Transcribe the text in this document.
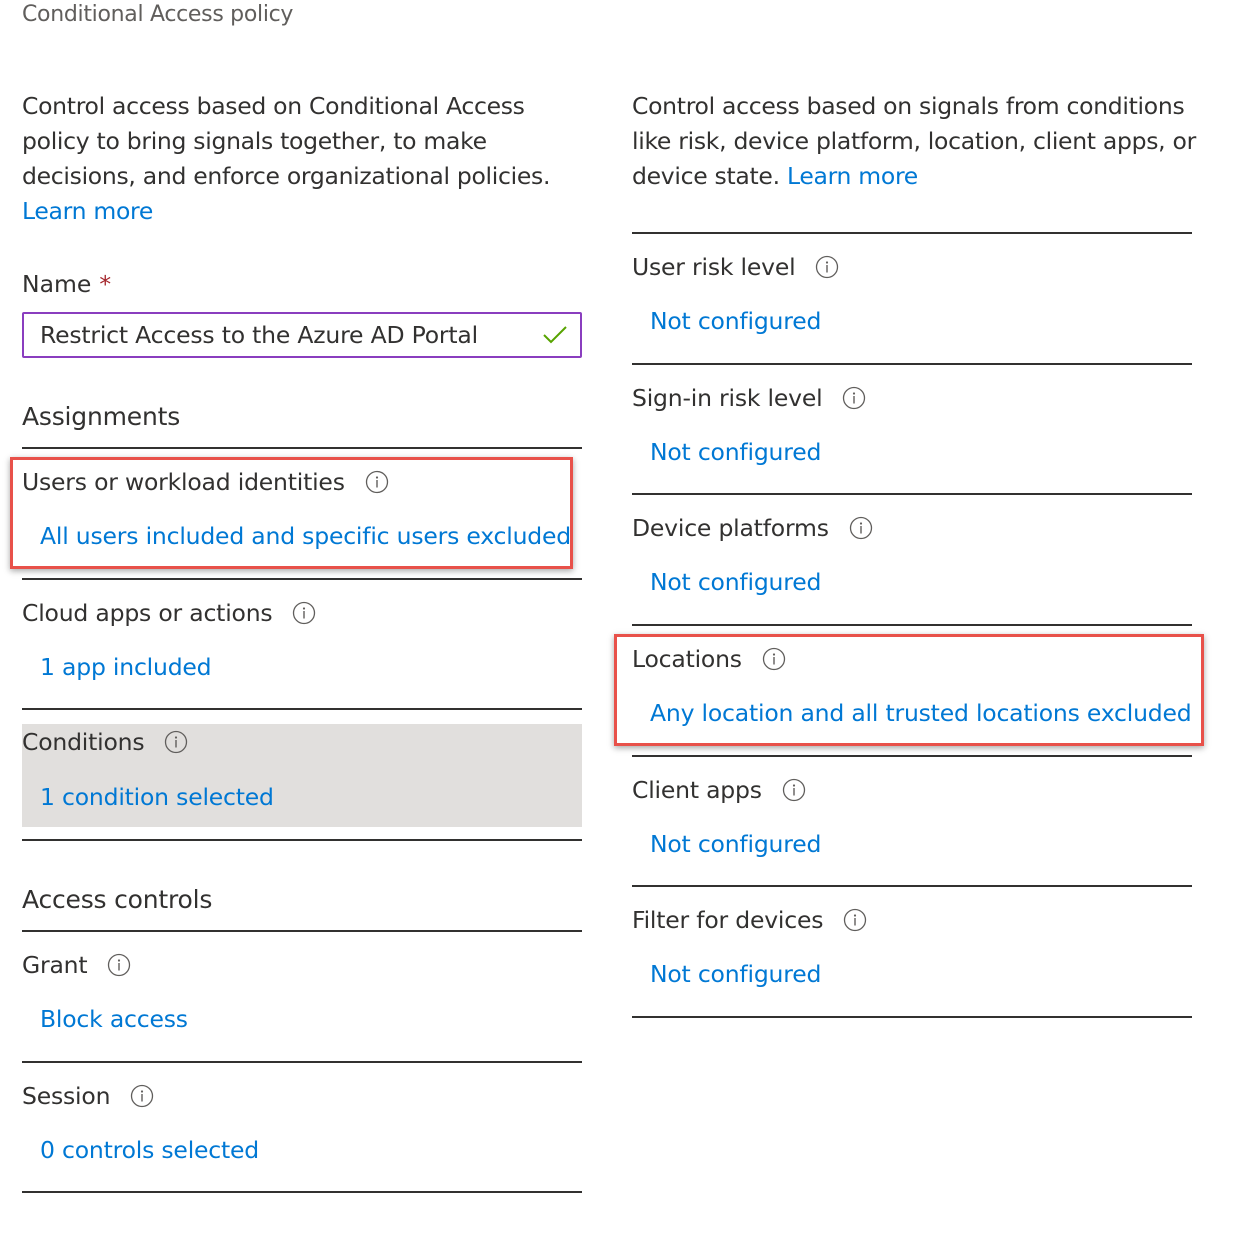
Conditional Access policy

Control access based on Conditional Access policy to bring signals together, to make decisions, and enforce organizational policies.
Learn more

Name *
Restrict Access to the Azure AD Portal
Assignments
Users or workload identities
All users included and specific users excluded
Cloud apps or actions
1 app included
Conditions
1 condition selected
Access controls
Grant
Block access
Session
0 controls selected

Control access based on signals from conditions like risk, device platform, location, client apps, or device state. Learn more

User risk level
Not configured
Sign-in risk level
Not configured
Device platforms
Not configured
Locations
Any location and all trusted locations excluded
Client apps
Not configured
Filter for devices
Not configured
